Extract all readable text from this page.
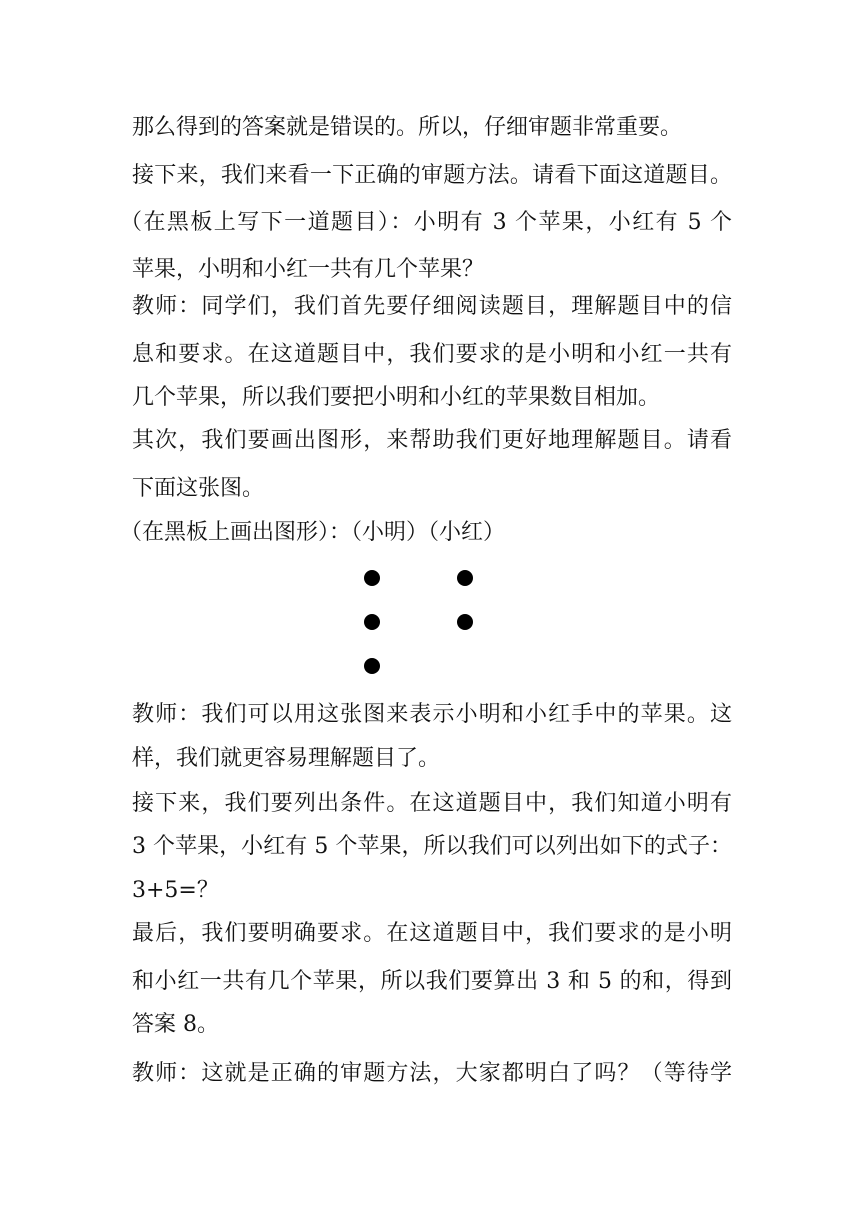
那么得到的答案就是错误的。所以，仔细审题非常重要。
接下来，我们来看一下正确的审题方法。请看下面这道题目。
（在黑板上写下一道题目）：小明有 3 个苹果，小红有 5 个
苹果，小明和小红一共有几个苹果？
教师：同学们，我们首先要仔细阅读题目，理解题目中的信
息和要求。在这道题目中，我们要求的是小明和小红一共有
几个苹果，所以我们要把小明和小红的苹果数目相加。
其次，我们要画出图形，来帮助我们更好地理解题目。请看
下面这张图。
（在黑板上画出图形）：（小明）（小红）
教师：我们可以用这张图来表示小明和小红手中的苹果。这
样，我们就更容易理解题目了。
接下来，我们要列出条件。在这道题目中，我们知道小明有
3 个苹果，小红有 5 个苹果，所以我们可以列出如下的式子：
3+5=？
最后，我们要明确要求。在这道题目中，我们要求的是小明
和小红一共有几个苹果，所以我们要算出 3 和 5 的和，得到
答案 8。
教师：这就是正确的审题方法，大家都明白了吗？（等待学
